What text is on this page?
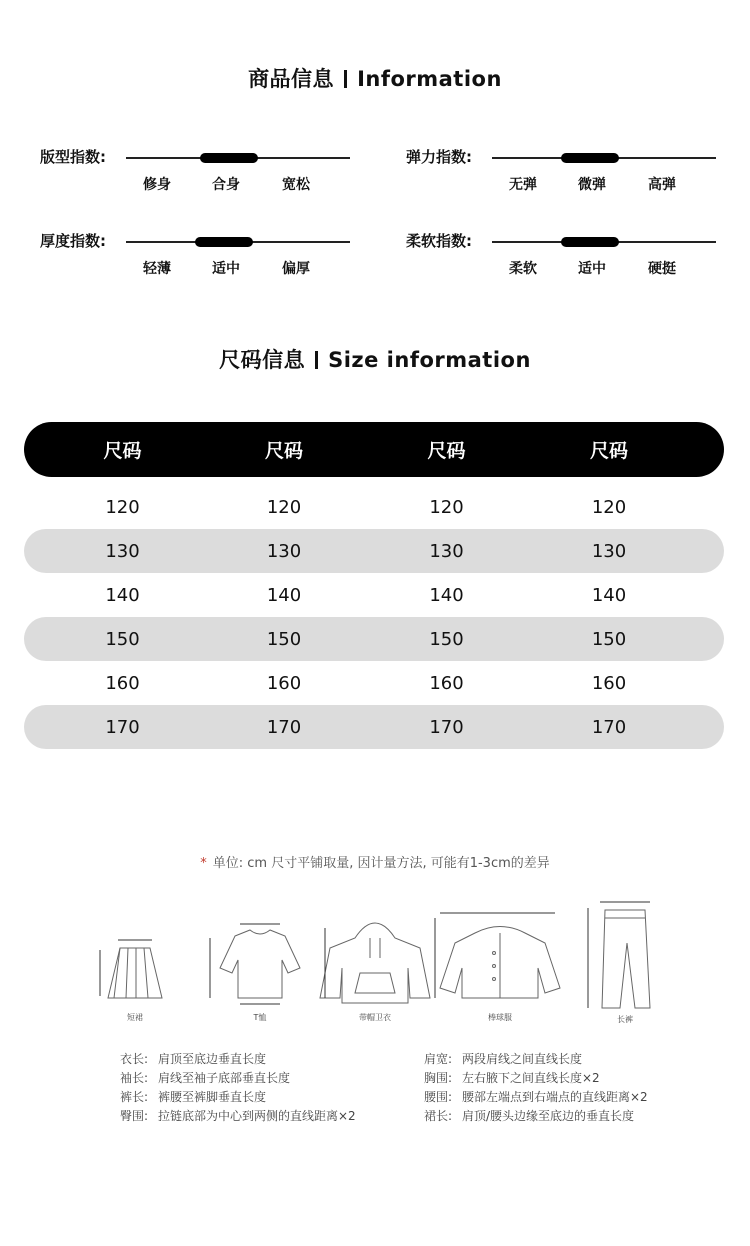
商品信息 Information
版型指数:
修身	合身	宽松
弹力指数:
无弹	微弹	高弹
厚度指数:
轻薄	适中	偏厚
柔软指数:
柔软	适中	硬挺
尺码信息 Size information
尺码	尺码	尺码	尺码
120	120	120	120
130	130	130	130
140	140	140	140
150	150	150	150
160	160	160	160
170	170	170	170
* 单位: cm 尺寸平铺取量, 因计量方法, 可能有1-3cm的差异
短裙	T恤	带帽卫衣	棒球服	长裤
衣长: 肩顶至底边垂直长度
袖长: 肩线至袖子底部垂直长度
裤长: 裤腰至裤脚垂直长度
臀围: 拉链底部为中心到两侧的直线距离×2
肩宽: 两段肩线之间直线长度
胸围: 左右腋下之间直线长度×2
腰围: 腰部左端点到右端点的直线距离×2
裙长: 肩顶/腰头边缘至底边的垂直长度
